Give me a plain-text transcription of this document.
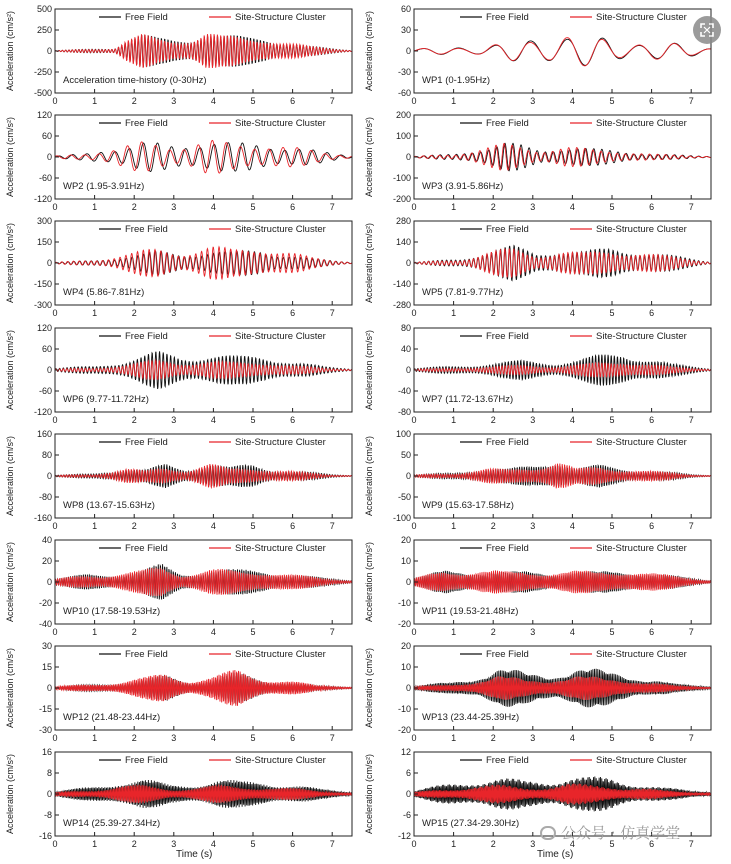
Acceleration (cm/s²)
-500
-250
0
250
500
0	1	2	3	4	5	6	7
Acceleration time-history (0-30Hz)
Free Field	Site-Structure Cluster	Acceleration (cm/s²)
-60
-30
0
30
60
0	1	2	3	4	5	6	7
WP1 (0-1.95Hz)
Free Field	Site-Structure Cluster
Acceleration (cm/s²)
-120
-60
0
60
120
0	1	2	3	4	5	6	7
WP2 (1.95-3.91Hz)
Free Field	Site-Structure Cluster	Acceleration (cm/s²)
-200
-100
0
100
200
0	1	2	3	4	5	6	7
WP3 (3.91-5.86Hz)
Free Field	Site-Structure Cluster
Acceleration (cm/s²)
-300
-150
0
150
300
0	1	2	3	4	5	6	7
WP4 (5.86-7.81Hz)
Free Field	Site-Structure Cluster	Acceleration (cm/s²)
-280
-140
0
140
280
0	1	2	3	4	5	6	7
WP5 (7.81-9.77Hz)
Free Field	Site-Structure Cluster
Acceleration (cm/s²)
-120
-60
0
60
120
0	1	2	3	4	5	6	7
WP6 (9.77-11.72Hz)
Free Field	Site-Structure Cluster	Acceleration (cm/s²)
-80
-40
0
40
80
0	1	2	3	4	5	6	7
WP7 (11.72-13.67Hz)
Free Field	Site-Structure Cluster
Acceleration (cm/s²)
-160
-80
0
80
160
0	1	2	3	4	5	6	7
WP8 (13.67-15.63Hz)
Free Field	Site-Structure Cluster	Acceleration (cm/s²)
-100
-50
0
50
100
0	1	2	3	4	5	6	7
WP9 (15.63-17.58Hz)
Free Field	Site-Structure Cluster
Acceleration (cm/s²)
-40
-20
0
20
40
0	1	2	3	4	5	6	7
WP10 (17.58-19.53Hz)
Free Field	Site-Structure Cluster	Acceleration (cm/s²)
-20
-10
0
10
20
0	1	2	3	4	5	6	7
WP11 (19.53-21.48Hz)
Free Field	Site-Structure Cluster
Acceleration (cm/s²)
-30
-15
0
15
30
0	1	2	3	4	5	6	7
WP12 (21.48-23.44Hz)
Free Field	Site-Structure Cluster	Acceleration (cm/s²)
-20
-10
0
10
20
0	1	2	3	4	5	6	7
WP13 (23.44-25.39Hz)
Free Field	Site-Structure Cluster
Acceleration (cm/s²)
-16
-8
0
8
16
0	1	2	3	4	5	6	7
WP14 (25.39-27.34Hz)
Free Field	Site-Structure Cluster	Acceleration (cm/s²)
-12
-6
0
6
12
0	1	2	3	4	5	6	7
WP15 (27.34-29.30Hz)
Free Field	Site-Structure Cluster
Time (s)	Time (s)
公众号 · 仿真学堂
